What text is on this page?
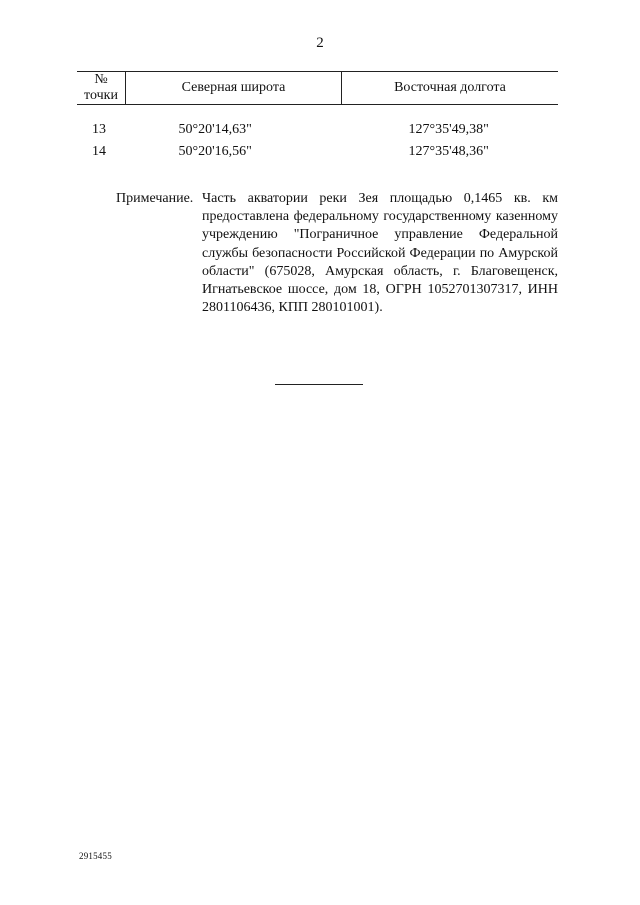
2
№
точки	Северная широта	Восточная долгота

13	50°20'14,63"	127°35'49,38"
14	50°20'16,56"	127°35'48,36"
Примечание. Часть акватории реки Зея площадью 0,1465 кв. км предоставлена федеральному государственному казенному учреждению "Пограничное управление Федеральной службы безопасности Российской Федерации по Амурской области" (675028, Амурская область, г. Благовещенск, Игнатьевское шоссе, дом 18, ОГРН 1052701307317, ИНН 2801106436, КПП 280101001).
2915455
